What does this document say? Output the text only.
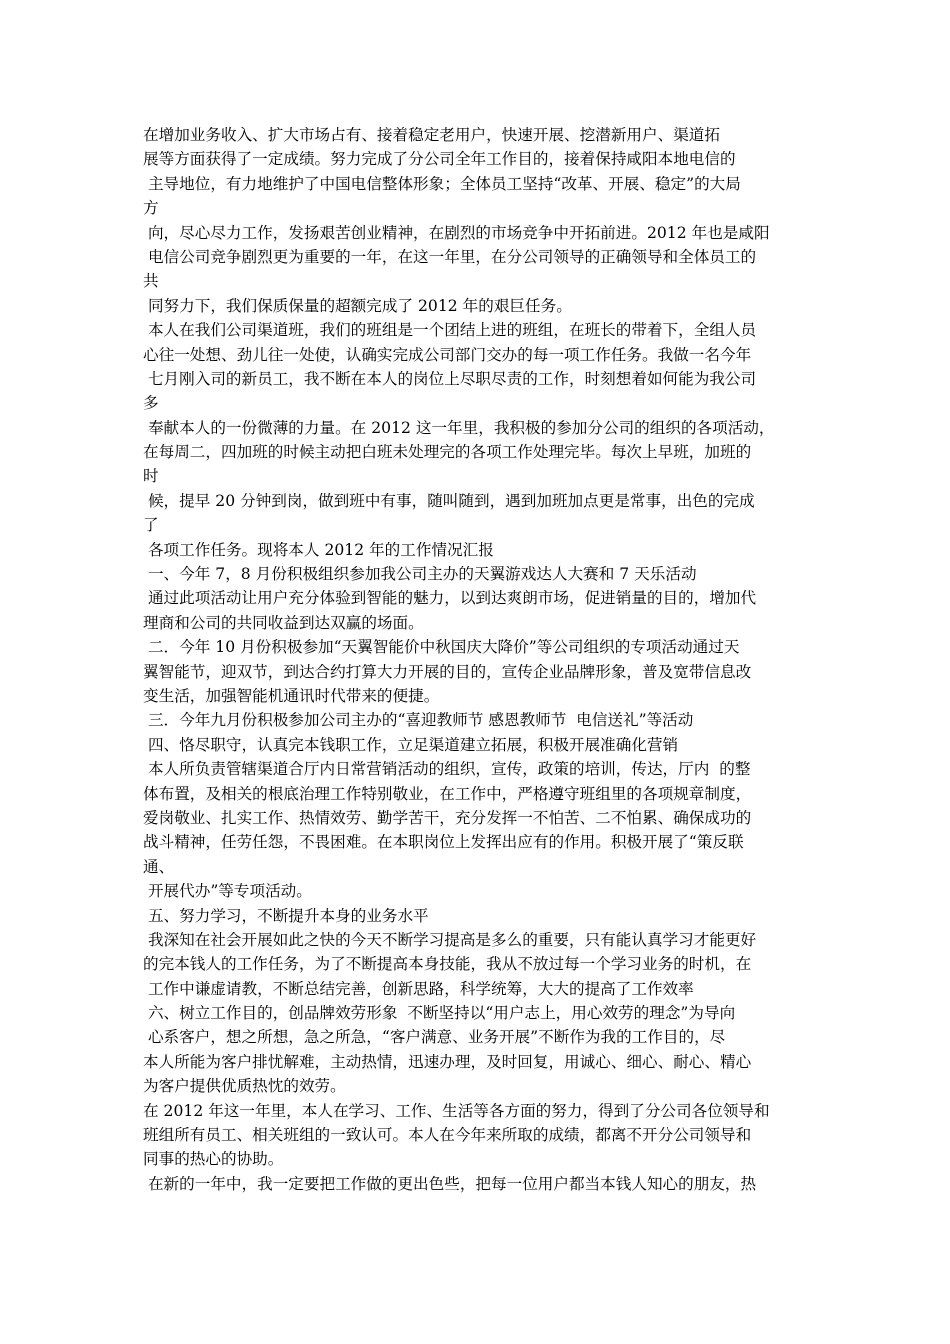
在增加业务收入、扩大市场占有、接着稳定老用户，快速开展、挖潜新用户、渠道拓
展等方面获得了一定成绩。努力完成了分公司全年工作目的，接着保持咸阳本地电信的
主导地位，有力地维护了中国电信整体形象；全体员工坚持“改革、开展、稳定”的大局
方
向，尽心尽力工作，发扬艰苦创业精神，在剧烈的市场竞争中开拓前进。2012 年也是咸阳
电信公司竞争剧烈更为重要的一年，在这一年里，在分公司领导的正确领导和全体员工的
共
同努力下，我们保质保量的超额完成了 2012 年的艰巨任务。
本人在我们公司渠道班，我们的班组是一个团结上进的班组，在班长的带着下，全组人员
心往一处想、劲儿往一处使，认确实完成公司部门交办的每一项工作任务。我做一名今年
七月刚入司的新员工，我不断在本人的岗位上尽职尽责的工作，时刻想着如何能为我公司
多
奉献本人的一份微薄的力量。在 2012 这一年里，我积极的参加分公司的组织的各项活动，
在每周二，四加班的时候主动把白班未处理完的各项工作处理完毕。每次上早班，加班的
时
候，提早 20 分钟到岗，做到班中有事，随叫随到，遇到加班加点更是常事，出色的完成
了
各项工作任务。现将本人 2012 年的工作情况汇报
一、今年 7，8 月份积极组织参加我公司主办的天翼游戏达人大赛和 7 天乐活动
通过此项活动让用户充分体验到智能的魅力，以到达爽朗市场，促进销量的目的，增加代
理商和公司的共同收益到达双赢的场面。
二．今年 10 月份积极参加“天翼智能价中秋国庆大降价”等公司组织的专项活动通过天
翼智能节，迎双节，到达合约打算大力开展的目的，宣传企业品牌形象，普及宽带信息改
变生活，加强智能机通讯时代带来的便捷。
三．今年九月份积极参加公司主办的“喜迎教师节 感恩教师节  电信送礼”等活动
四、恪尽职守，认真完本钱职工作，立足渠道建立拓展，积极开展准确化营销
本人所负责管辖渠道合厅内日常营销活动的组织，宣传，政策的培训，传达，厅内  的整
体布置，及相关的根底治理工作特别敬业，在工作中，严格遵守班组里的各项规章制度，
爱岗敬业、扎实工作、热情效劳、勤学苦干，充分发挥一不怕苦、二不怕累、确保成功的
战斗精神，任劳任怨，不畏困难。在本职岗位上发挥出应有的作用。积极开展了“策反联
通、
开展代办”等专项活动。
五、努力学习，不断提升本身的业务水平
我深知在社会开展如此之快的今天不断学习提高是多么的重要，只有能认真学习才能更好
的完本钱人的工作任务，为了不断提高本身技能，我从不放过每一个学习业务的时机，在
工作中谦虚请教，不断总结完善，创新思路，科学统筹，大大的提高了工作效率
六、树立工作目的，创品牌效劳形象  不断坚持以“用户志上，用心效劳的理念”为导向
心系客户，想之所想，急之所急，“客户满意、业务开展”不断作为我的工作目的，尽
本人所能为客户排忧解难，主动热情，迅速办理，及时回复，用诚心、细心、耐心、精心
为客户提供优质热忱的效劳。
在 2012 年这一年里，本人在学习、工作、生活等各方面的努力，得到了分公司各位领导和
班组所有员工、相关班组的一致认可。本人在今年来所取的成绩，都离不开分公司领导和
同事的热心的协助。
在新的一年中，我一定要把工作做的更出色些，把每一位用户都当本钱人知心的朋友，热
